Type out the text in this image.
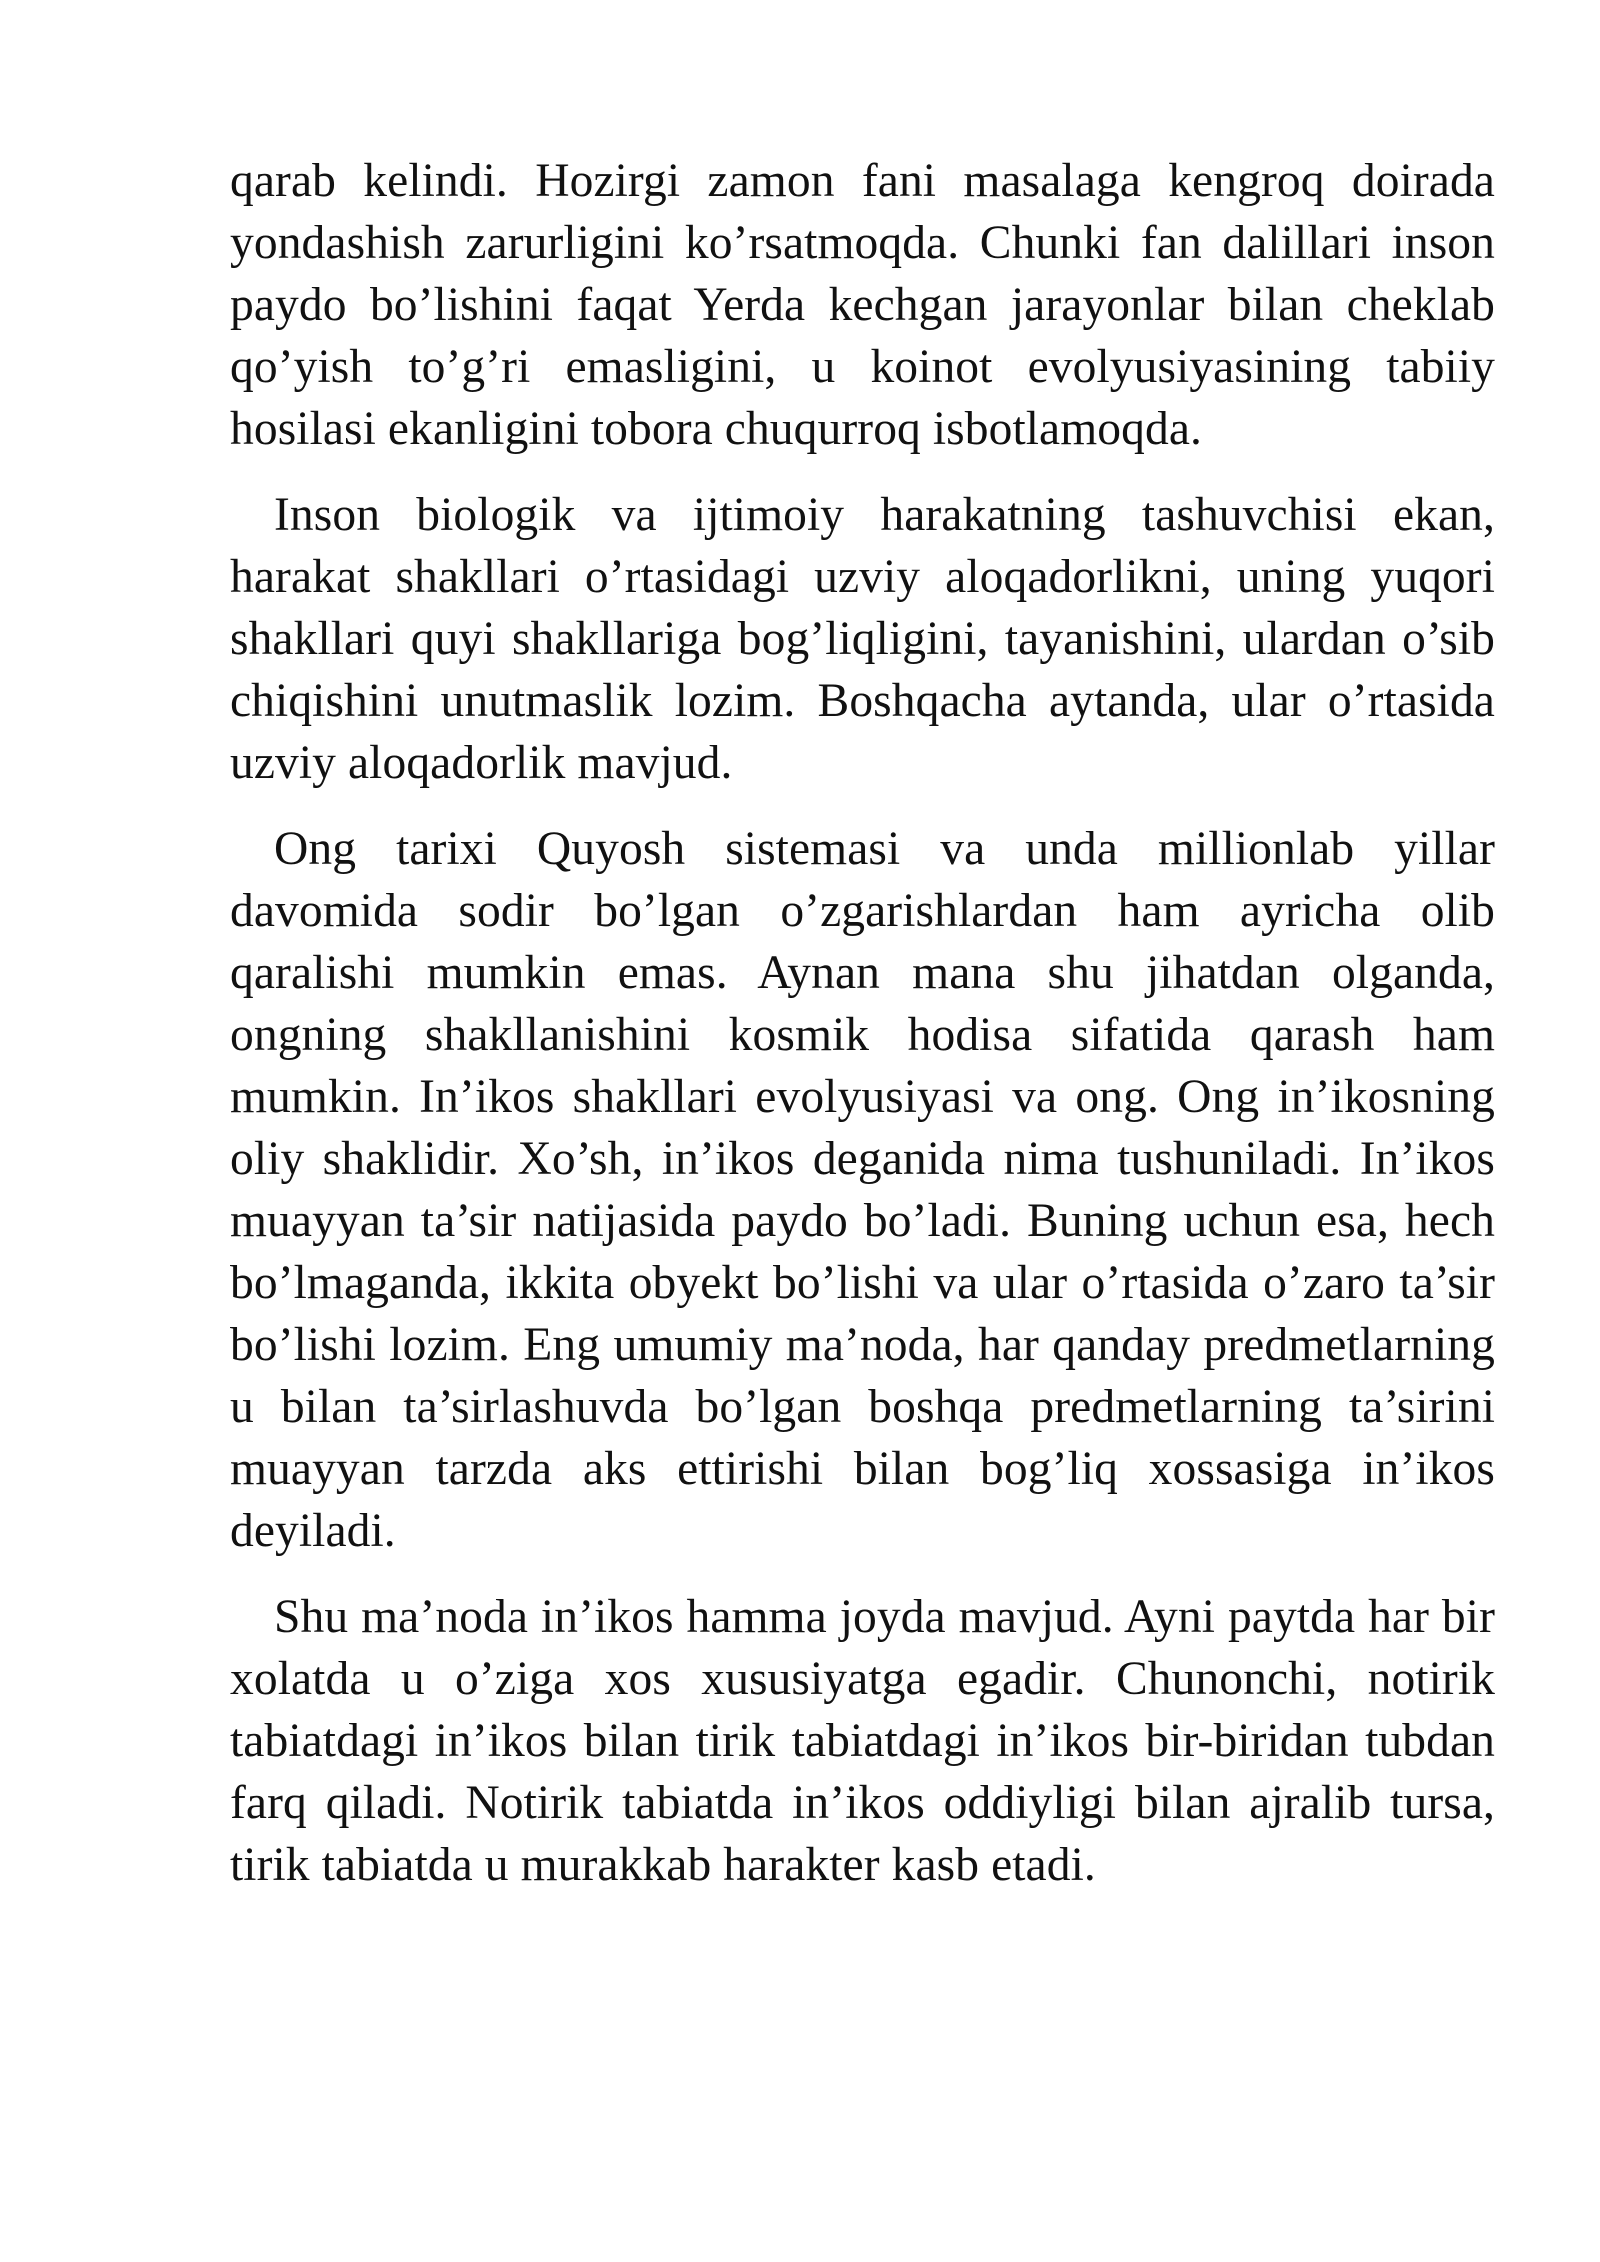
qarab kelindi. Hozirgi zamon fani masalaga kengroq doirada yondashish zarurligini ko’rsatmoqda. Chunki fan dalillari inson paydo bo’lishini faqat Yerda kechgan jarayonlar bilan cheklab qo’yish to’g’ri emasligini, u koinot evolyusiyasining tabiiy hosilasi ekanligini tobora chuqurroq isbotlamoqda.

Inson biologik va ijtimoiy harakatning tashuvchisi ekan, harakat shakllari o’rtasidagi uzviy aloqadorlikni, uning yuqori shakllari quyi shakllariga bog’liqligini, tayanishini, ulardan o’sib chiqishini unutmaslik lozim. Boshqacha aytanda, ular o’rtasida uzviy aloqadorlik mavjud.

Ong tarixi Quyosh sistemasi va unda millionlab yillar davomida sodir bo’lgan o’zgarishlardan ham ayricha olib qaralishi mumkin emas. Aynan mana shu jihatdan olganda, ongning shakllanishini kosmik hodisa sifatida qarash ham mumkin. In’ikos shakllari evolyusiyasi va ong. Ong in’ikosning oliy shaklidir. Xo’sh, in’ikos deganida nima tushuniladi. In’ikos muayyan ta’sir natijasida paydo bo’ladi. Buning uchun esa, hech bo’lmaganda, ikkita obyekt bo’lishi va ular o’rtasida o’zaro ta’sir bo’lishi lozim. Eng umumiy ma’noda, har qanday predmetlarning u bilan ta’sirlashuvda bo’lgan boshqa predmetlarning ta’sirini muayyan tarzda aks ettirishi bilan bog’liq xossasiga in’ikos deyiladi.

Shu ma’noda in’ikos hamma joyda mavjud. Ayni paytda har bir xolatda u o’ziga xos xususiyatga egadir. Chunonchi, notirik tabiatdagi in’ikos bilan tirik tabiatdagi in’ikos bir-biridan tubdan farq qiladi. Notirik tabiatda in’ikos oddiyligi bilan ajralib tursa, tirik tabiatda u murakkab harakter kasb etadi.
